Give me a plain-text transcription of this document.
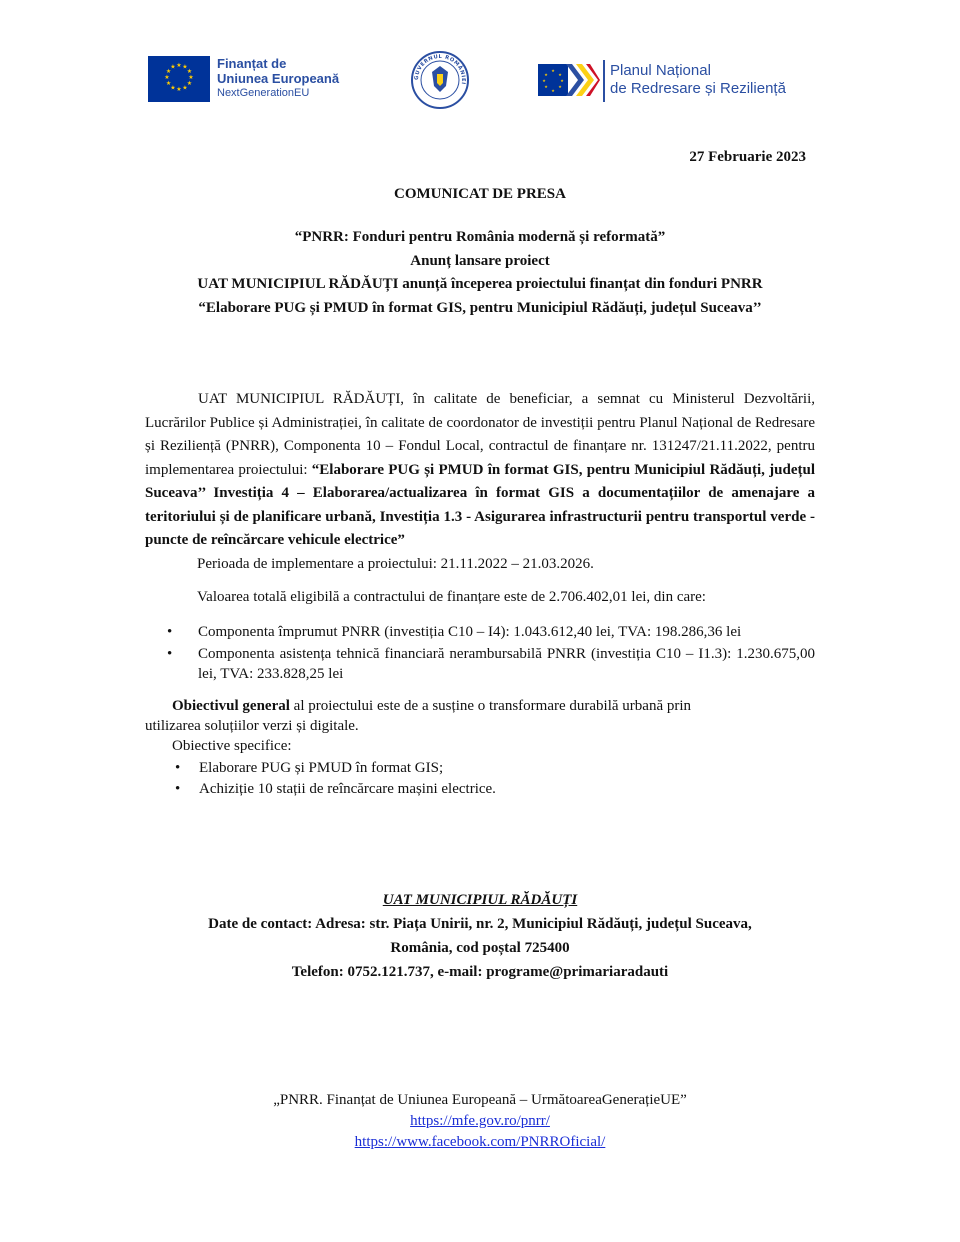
★ ★
★
★
★
★
★
★
★
★
★
★	Finanțat de
Uniunea Europeană
NextGenerationEU
GUVERNUL ROMÂNIEI
★
★
★
★
★
★
★
★	Planul Național
de Redresare și Reziliență
27 Februarie 2023
COMUNICAT DE PRESA
“PNRR: Fonduri pentru România modernă și reformată”
Anunț lansare proiect
UAT MUNICIPIUL RĂDĂUȚI anunță începerea proiectului finanțat din fonduri PNRR
“Elaborare PUG și PMUD în format GIS, pentru Municipiul Rădăuți, județul Suceava’’

UAT MUNICIPIUL RĂDĂUȚI, în calitate de beneficiar, a semnat cu Ministerul Dezvoltării, Lucrărilor Publice și Administrației, în calitate de coordonator de investiții pentru Planul Național de Redresare și Reziliență (PNRR), Componenta 10 – Fondul Local, contractul de finanțare nr. 131247/21.11.2022, pentru implementarea proiectului: “Elaborare PUG și PMUD în format GIS, pentru Municipiul Rădăuți, județul Suceava’’ Investiția 4 – Elaborarea/actualizarea în format GIS a documentațiilor de amenajare a teritoriului și de planificare urbană, Investiția 1.3 - Asigurarea infrastructurii pentru transportul verde - puncte de reîncărcare vehicule electrice”

Perioada de implementare a proiectului: 21.11.2022 – 21.03.2026.

Valoarea totală eligibilă a contractului de finanțare este de 2.706.402,01 lei, din care:

• Componenta împrumut PNRR (investiția C10 – I4): 1.043.612,40 lei, TVA: 198.286,36 lei
• Componenta asistența tehnică financiară nerambursabilă PNRR (investiția C10 – I1.3): 1.230.675,00 lei, TVA: 233.828,25 lei

Obiectivul general al proiectului este de a susține o transformare durabilă urbană prin
utilizarea soluțiilor verzi și digitale.

Obiective specifice:

• Elaborare PUG și PMUD în format GIS;
• Achiziție 10 stații de reîncărcare mașini electrice.
UAT MUNICIPIUL RĂDĂUȚI
Date de contact: Adresa: str. Piața Unirii, nr. 2, Municipiul Rădăuți, județul Suceava,
România, cod poștal 725400
Telefon: 0752.121.737, e-mail: programe@primariaradauti
„PNRR. Finanțat de Uniunea Europeană – UrmătoareaGenerațieUE”
https://mfe.gov.ro/pnrr/
https://www.facebook.com/PNRROficial/
